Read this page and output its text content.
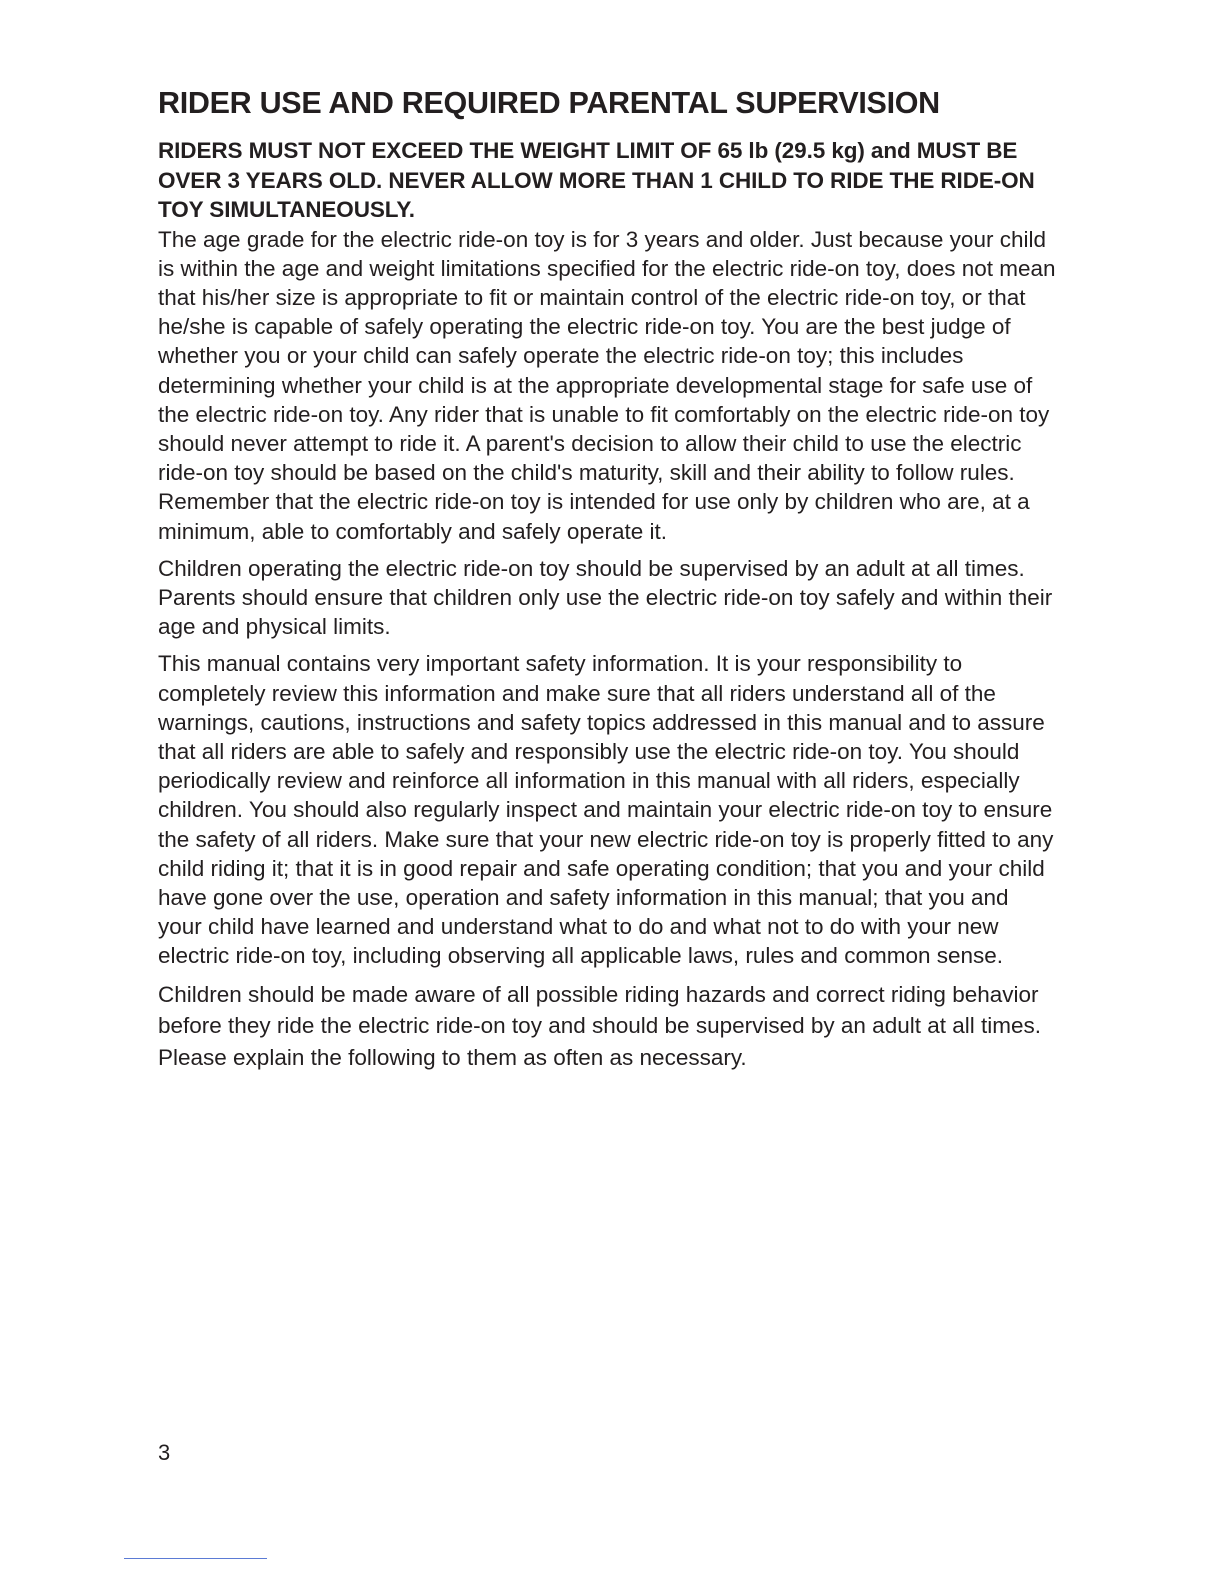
RIDER USE AND REQUIRED PARENTAL SUPERVISION

RIDERS MUST NOT EXCEED THE WEIGHT LIMIT OF 65 lb (29.5 kg) and MUST BE OVER 3 YEARS OLD. NEVER ALLOW MORE THAN 1 CHILD TO RIDE THE RIDE-ON TOY SIMULTANEOUSLY.

The age grade for the electric ride-on toy is for 3 years and older. Just because your child is within the age and weight limitations specified for the electric ride-on toy, does not mean that his/her size is appropriate to fit or maintain control of the electric ride-on toy, or that he/she is capable of safely operating the electric ride-on toy. You are the best judge of whether you or your child can safely operate the electric ride-on toy; this includes determining whether your child is at the appropriate developmental stage for safe use of the electric ride-on toy. Any rider that is unable to fit comfortably on the electric ride-on toy should never attempt to ride it. A parent's decision to allow their child to use the electric ride-on toy should be based on the child's maturity, skill and their ability to follow rules. Remember that the electric ride-on toy is intended for use only by children who are, at a minimum, able to comfortably and safely operate it.

Children operating the electric ride-on toy should be supervised by an adult at all times. Parents should ensure that children only use the electric ride-on toy safely and within their age and physical limits.

This manual contains very important safety information. It is your responsibility to completely review this information and make sure that all riders understand all of the warnings, cautions, instructions and safety topics addressed in this manual and to assure that all riders are able to safely and responsibly use the electric ride-on toy. You should periodically review and reinforce all information in this manual with all riders, especially children. You should also regularly inspect and maintain your electric ride-on toy to ensure the safety of all riders. Make sure that your new electric ride-on toy is properly fitted to any child riding it; that it is in good repair and safe operating condition; that you and your child have gone over the use, operation and safety information in this manual; that you and your child have learned and understand what to do and what not to do with your new electric ride-on toy, including observing all applicable laws, rules and common sense.

Children should be made aware of all possible riding hazards and correct riding behavior before they ride the electric ride-on toy and should be supervised by an adult at all times. Please explain the following to them as often as necessary.

3
